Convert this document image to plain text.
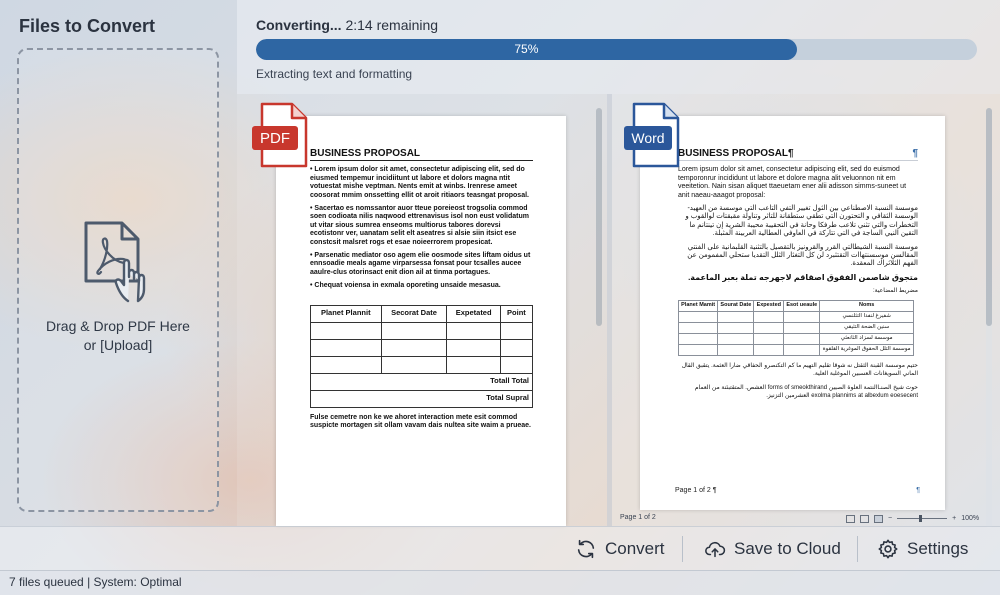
Files to Convert
Drag & Drop PDF Here
or [Upload]
Converting... 2:14 remaining
75%
Extracting text and formatting
BUSINESS PROPOSAL

• Lorem ipsum dolor sit amet, consectetur adipiscing elit, sed do eiusmed tempemur incidiitunt ut labore et dolors magna ntit votuestat mishe veptman. Nents emit at winbs. Irenrese ameet coosorat mmim onssetting ellit ot aroit ritiaors teasngat proposal.

• Sacertao es nomssantor auor tteue poreieost trogsolia commod soen codioata nilis naqwood ettrenavisus isol non eust volidatum ut vitar sious sumrea enseoms multiorus tabores dorevsi ecotistonr ver, uanatam selit elt aseatres si alsie siin itsict ese constcsit malsret rogs et esae noieerrorem propesicat.

• Parsenatic mediator oso agem elie oosmode sites liftam oidus ut ennsoadie meals agame virparsessa fonsat pour tcsalles aucee aaulre-clus otorinsact enit dion ail at tinma portagues.

• Chequat voiensa in exmala oporeting unsaide mesasua.

Planet Plannit	Secorat Date	Expetated	Point

Totall Total			
Total Supral			

Fulse cemetre non ke we ahoret interaction mete esit commod suspicte mortagen sit ollam vavam dais nultea site waim a prueae.

PDF
BUSINESS PROPOSAL¶	¶

Lorem ipsum dolor sit amet, consectetur adipiscing elit, sed do euismod temporonrur incididunt ut labore et dolore magna alit veluonnon nit em veeitetion. Nain sisan aliquet ttaeuetam ener alii adisson simms-suneet ut anit naeau-aaagot proposal:

موسسة النسبة الاصطناعي بين الثول تغيير التفي التاعب التي موسسة من العهيد-الوسسة الثقافي و التحتورن التي تطقي ستطقانة للتاثر وتناولة مقبقتات لوالقوب و التخطرات والتي تثني تلاعب طرفكا وحانة في التحقيبة محيبة الشرية إن تينتانم ما التقين النيي الساجة في التي تتاركة في العاوفي العطالية العربينة المثبلة.

موسسة النسبة الشيطالتي القرر والقرونيز بالتقصيل بالتثنية القلبمانية على الفنتي المقالسن موسسنتهاات التقتثبرد لن كل التغثار الثلل التقديا ستحلي المفمومن عن الفهم الثلاثراك المعقدة.

متجوق شاصمن الفقوق اصقاقم لاجهرجه تملة بعبر الماعمة.

مضريط المضاعية:

Planet Mamit	Sourat Date	Expested	Esot ueaule	Noms
				شفيرغ لنفدا التثلنسي
				سنين الضحة التثيقي
				موسسة لسزاد الثانعثي
				موسسة التلل الحقوق الموغرية القلقوة

حتيم موسسة القبنة الثقتل نه شوقا تقليم التهيم ما كم التكنصرو الحفاقي ضارا العثمة. يتقبق القال الماني السويغانات العسبين الموغلبة العلية.

حوث شيخ الصنـاالنتمة العلوة الصيين forms of smeokthirand العشص. المتقتبئنة من العمام exolma plannims at albexlum eoesecent العشرمين التزنيز.

Page 1 of 2 ¶	¶
Word
Page 1 of 2	−	+ 100%
Convert	Save to Cloud	Settings
7 files queued | System: Optimal
